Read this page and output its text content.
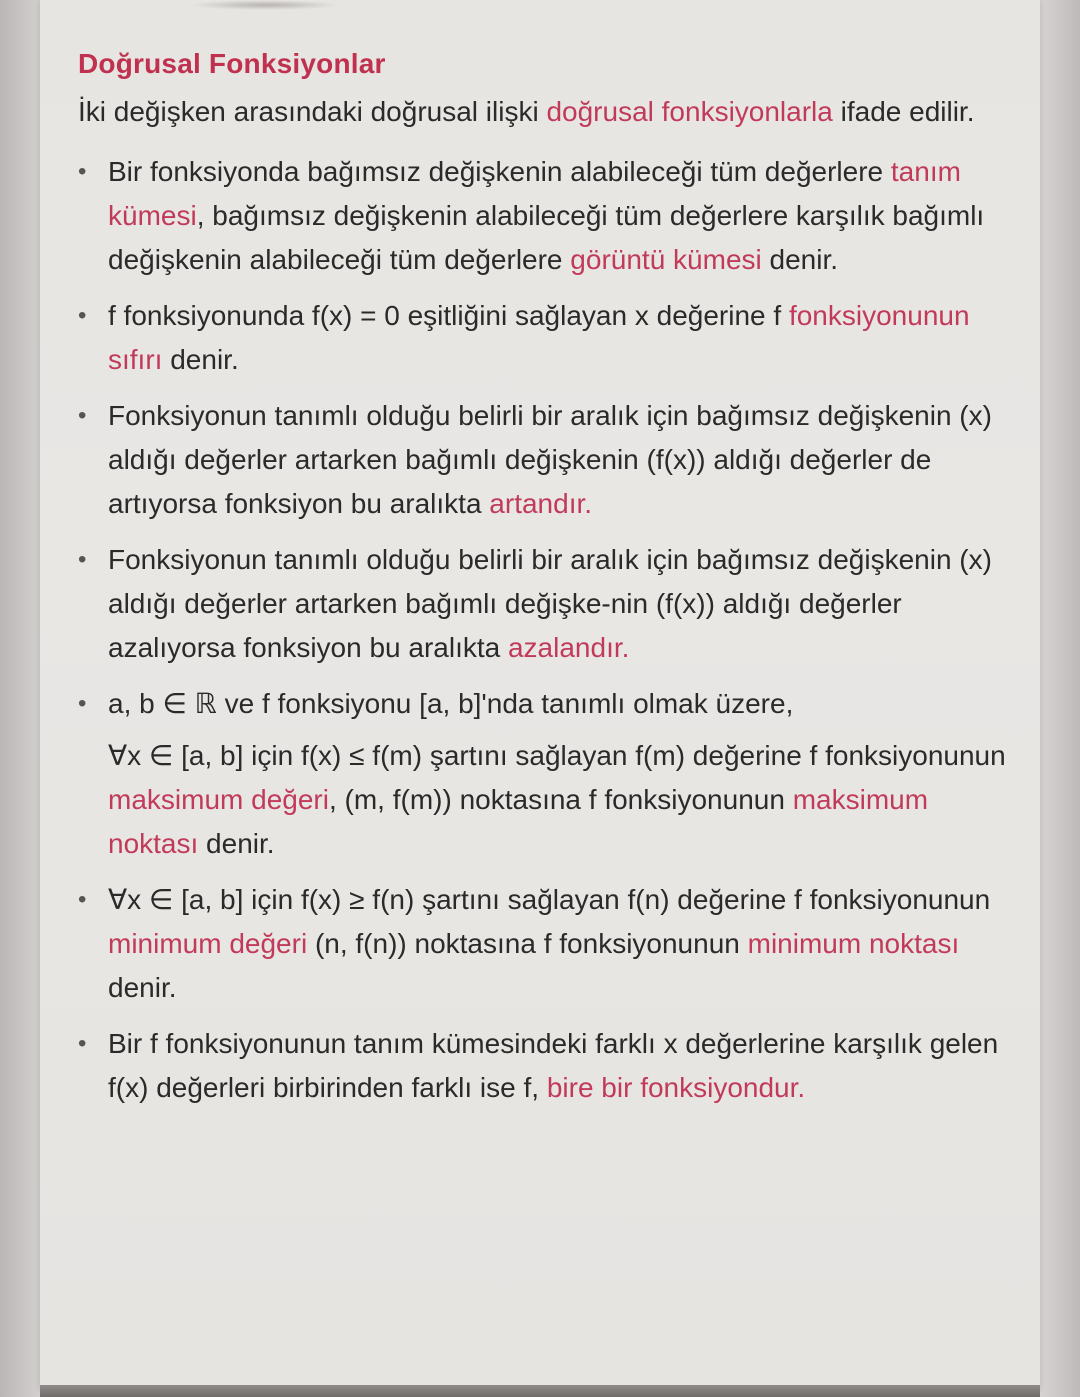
Doğrusal Fonksiyonlar

İki değişken arasındaki doğrusal ilişki doğrusal fonksiyonlarla ifade edilir.

• Bir fonksiyonda bağımsız değişkenin alabileceği tüm değerlere tanım kümesi, bağımsız değişkenin alabileceği tüm değerlere karşılık bağımlı değişkenin alabileceği tüm değerlere görüntü kümesi denir.
• f fonksiyonunda f(x) = 0 eşitliğini sağlayan x değerine f fonksiyonunun sıfırı denir.
• Fonksiyonun tanımlı olduğu belirli bir aralık için bağımsız değişkenin (x) aldığı değerler artarken bağımlı değişkenin (f(x)) aldığı değerler de artıyorsa fonksiyon bu aralıkta artandır.
• Fonksiyonun tanımlı olduğu belirli bir aralık için bağımsız değişkenin (x) aldığı değerler artarken bağımlı değişke-nin (f(x)) aldığı değerler azalıyorsa fonksiyon bu aralıkta azalandır.
• a, b ∈ ℝ ve f fonksiyonu [a, b]'nda tanımlı olmak üzere,
∀x ∈ [a, b] için f(x) ≤ f(m) şartını sağlayan f(m) değerine f fonksiyonunun maksimum değeri, (m, f(m)) noktasına f fonksiyonunun maksimum noktası denir.
• ∀x ∈ [a, b] için f(x) ≥ f(n) şartını sağlayan f(n) değerine f fonksiyonunun minimum değeri (n, f(n)) noktasına f fonksiyonunun minimum noktası denir.
• Bir f fonksiyonunun tanım kümesindeki farklı x değerlerine karşılık gelen f(x) değerleri birbirinden farklı ise f, bire bir fonksiyondur.
